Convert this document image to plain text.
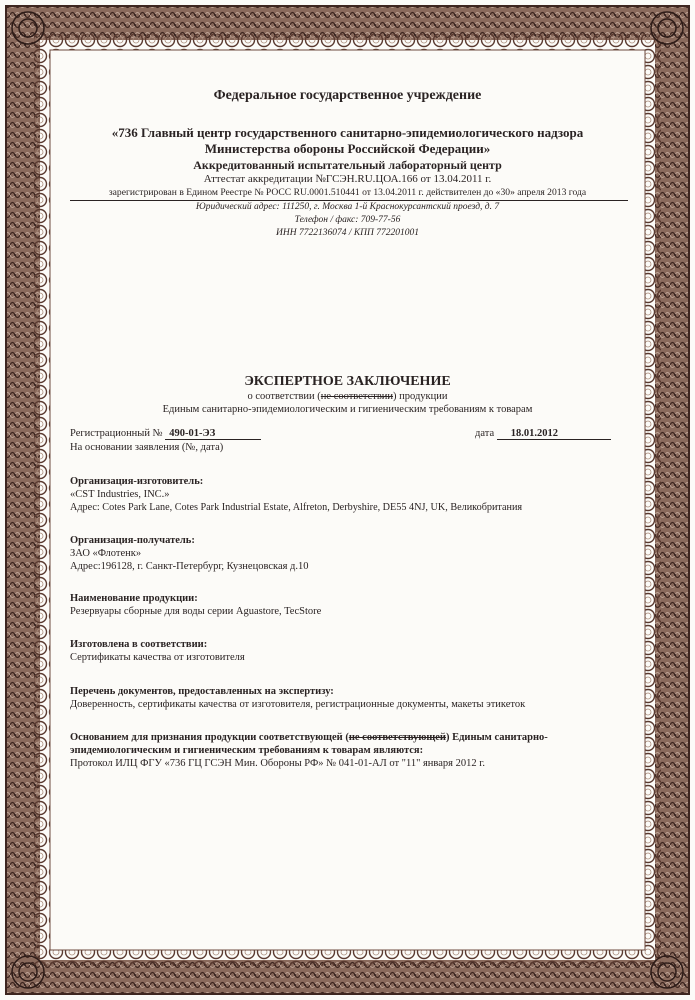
Федеральное государственное учреждение
«736 Главный центр государственного санитарно-эпидемиологического надзора
Министерства обороны Российской Федерации»
Аккредитованный испытательный лабораторный центр
Аттестат аккредитации №ГСЭН.RU.ЦОА.166 от 13.04.2011 г.
зарегистрирован в Едином Реестре № РОСС RU.0001.510441 от 13.04.2011 г. действителен до «30» апреля 2013 года
Юридический адрес: 111250, г. Москва 1-й Краснокурсантский проезд, д. 7
Телефон / факс: 709-77-56
ИНН 7722136074 / КПП 772201001
ЭКСПЕРТНОЕ ЗАКЛЮЧЕНИЕ
о соответствии (не соответствии) продукции
Единым санитарно-эпидемиологическим и гигиеническим требованиям к товарам
Регистрационный № 490-01-ЭЗ	дата 18.01.2012
На основании заявления (№, дата)
Организация-изготовитель:
«CST Industries, INC.»
Адрес: Cotes Park Lane, Cotes Park Industrial Estate, Alfreton, Derbyshire, DE55 4NJ, UK, Великобритания
Организация-получатель:
ЗАО «Флотенк»
Адрес:196128, г. Санкт-Петербург, Кузнецовская д.10
Наименование продукции:
Резервуары сборные для воды серии Aguastore, TecStore
Изготовлена в соответствии:
Сертификаты качества от изготовителя
Перечень документов, предоставленных на экспертизу:
Доверенность, сертификаты качества от изготовителя, регистрационные документы, макеты этикеток
Основанием для признания продукции соответствующей (не соответствующей) Единым санитарно-
эпидемиологическим и гигиеническим требованиям к товарам являются:
Протокол ИЛЦ ФГУ «736 ГЦ ГСЭН Мин. Обороны РФ» № 041-01-АЛ от "11" января 2012 г.
